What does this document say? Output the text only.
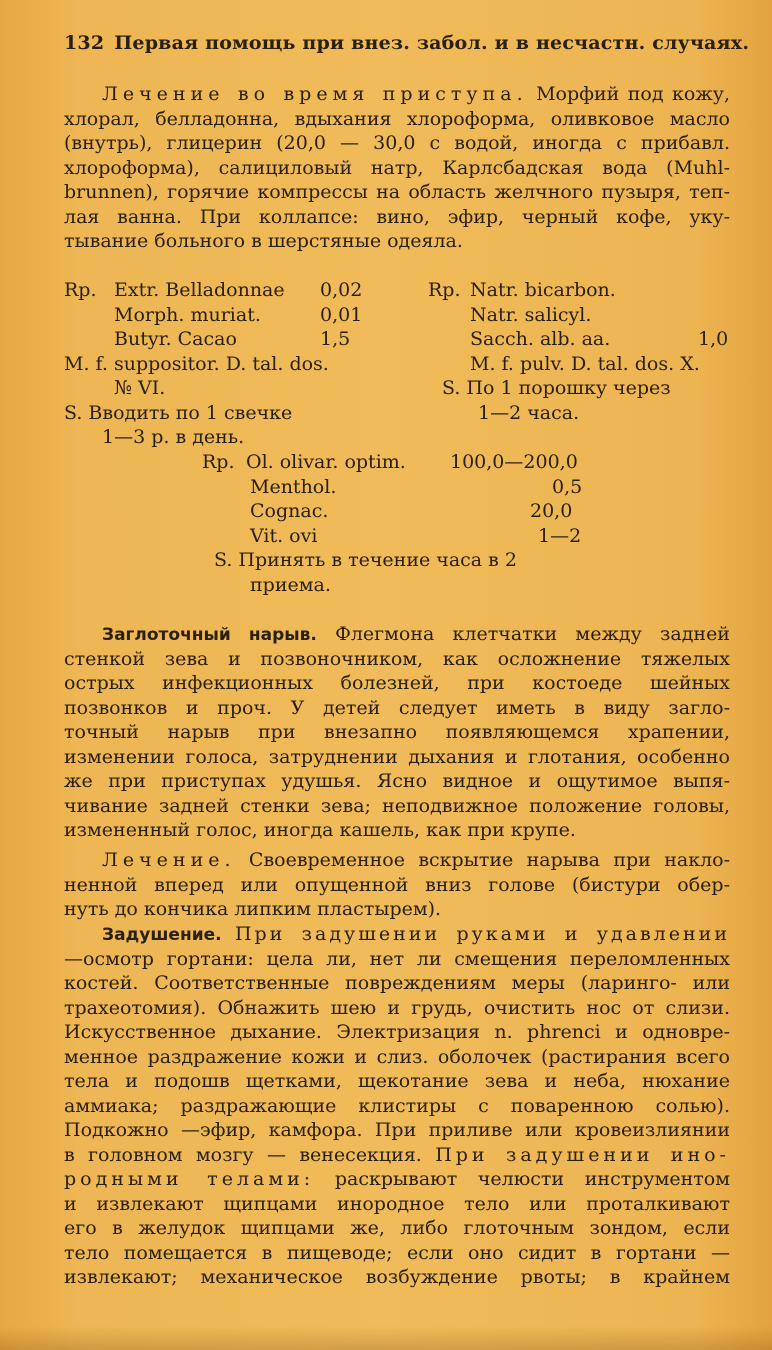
132 Первая помощь при внез. забол. и в несчастн. случаях.
Лечение во время приступа. Морфий под кожу,
хлорал, белладонна, вдыхания хлороформа, оливковое масло
(внутрь), глицерин (20,0 — 30,0 с водой, иногда с прибавл.
хлороформа), салициловый натр, Карлсбадская вода (Muhl-
brunnen), горячие компрессы на область желчного пузыря, теп-
лая ванна. При коллапсе: вино, эфир, черный кофе, уку-
тывание больного в шерстяные одеяла.
Rp. Extr. Belladonnae 0,02
Morph. muriat.	0,01
Butyr. Cacao	1,5
M. f. suppositor. D. tal. dos.
№ VI.
S. Вводить по 1 свечке
1—3 р. в день.
Rp. Natr. bicarbon.
Natr. salicyl.
Sacch. alb. aa.	1,0
M. f. pulv. D. tal. dos. X.
S. По 1 порошку через
1—2 часа.
Rp. Ol. olivar. optim. 100,0—200,0
Menthol.	0,5
Cognac.	20,0
Vit. ovi	1—2
S. Принять в течение часа в 2
приема.
Заглоточный нарыв. Флегмона клетчатки между задней
стенкой зева и позвоночником, как осложнение тяжелых
острых инфекционных болезней, при костоеде шейных
позвонков и проч. У детей следует иметь в виду загло-
точный нарыв при внезапно появляющемся храпении,
изменении голоса, затруднении дыхания и глотания, особенно
же при приступах удушья. Ясно видное и ощутимое выпя-
чивание задней стенки зева; неподвижное положение головы,
измененный голос, иногда кашель, как при крупе.
Лечение. Своевременное вскрытие нарыва при накло-
ненной вперед или опущенной вниз голове (бистури обер-
нуть до кончика липким пластырем).
Задушение. При задушении руками и удавлении
—осмотр гортани: цела ли, нет ли смещения переломленных
костей. Соответственные повреждениям меры (ларинго- или
трахеотомия). Обнажить шею и грудь, очистить нос от слизи.
Искусственное дыхание. Электризация n. phrenci и одновре-
менное раздражение кожи и слиз. оболочек (растирания всего
тела и подошв щетками, щекотание зева и неба, нюхание
аммиака; раздражающие клистиры с поваренною солью).
Подкожно —эфир, камфора. При приливе или кровеизлиянии
в головном мозгу — венесекция. При задушении ино-
родными телами: раскрывают челюсти инструментом
и извлекают щипцами инородное тело или проталкивают
его в желудок щипцами же, либо глоточным зондом, если
тело помещается в пищеводе; если оно сидит в гортани —
извлекают; механическое возбуждение рвоты; в крайнем
